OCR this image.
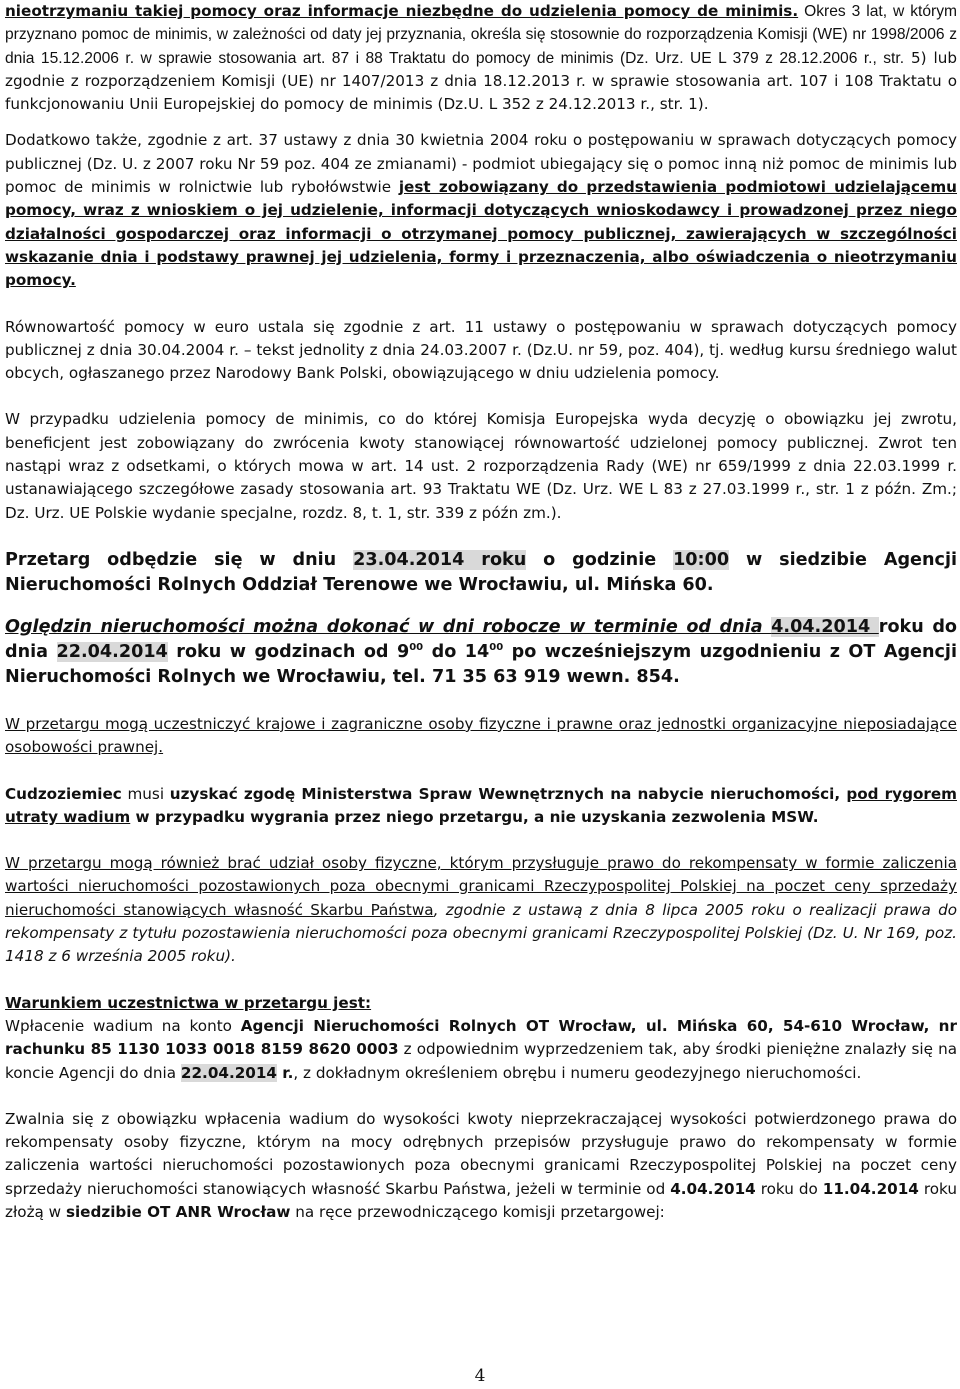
nieotrzymaniu takiej pomocy oraz informacje niezbędne do udzielenia pomocy de minimis. Okres 3 lat, w którym przyznano pomoc de minimis, w zależności od daty jej przyznania, określa się stosownie do rozporządzenia Komisji (WE) nr 1998/2006 z dnia 15.12.2006 r. w sprawie stosowania art. 87 i 88 Traktatu do pomocy de minimis (Dz. Urz. UE L 379 z 28.12.2006 r., str. 5) lub zgodnie z rozporządzeniem Komisji (UE) nr 1407/2013 z dnia 18.12.2013 r. w sprawie stosowania art. 107 i 108 Traktatu o funkcjonowaniu Unii Europejskiej do pomocy de minimis (Dz.U. L 352 z 24.12.2013 r., str. 1).

Dodatkowo także, zgodnie z art. 37 ustawy z dnia 30 kwietnia 2004 roku o postępowaniu w sprawach dotyczących pomocy publicznej (Dz. U. z 2007 roku Nr 59 poz. 404 ze zmianami) - podmiot ubiegający się o pomoc inną niż pomoc de minimis lub pomoc de minimis w rolnictwie lub rybołówstwie jest zobowiązany do przedstawienia podmiotowi udzielającemu pomocy, wraz z wnioskiem o jej udzielenie, informacji dotyczących wnioskodawcy i prowadzonej przez niego działalności gospodarczej oraz informacji o otrzymanej pomocy publicznej, zawierających w szczególności wskazanie dnia i podstawy prawnej jej udzielenia, formy i przeznaczenia, albo oświadczenia o nieotrzymaniu pomocy.

Równowartość pomocy w euro ustala się zgodnie z art. 11 ustawy o postępowaniu w sprawach dotyczących pomocy publicznej z dnia 30.04.2004 r. – tekst jednolity z dnia 24.03.2007 r. (Dz.U. nr 59, poz. 404), tj. według kursu średniego walut obcych, ogłaszanego przez Narodowy Bank Polski, obowiązującego w dniu udzielenia pomocy.

W przypadku udzielenia pomocy de minimis, co do której Komisja Europejska wyda decyzję o obowiązku jej zwrotu, beneficjent jest zobowiązany do zwrócenia kwoty stanowiącej równowartość udzielonej pomocy publicznej. Zwrot ten nastąpi wraz z odsetkami, o których mowa w art. 14 ust. 2 rozporządzenia Rady (WE) nr 659/1999 z dnia 22.03.1999 r. ustanawiającego szczegółowe zasady stosowania art. 93 Traktatu WE (Dz. Urz. WE L 83 z 27.03.1999 r., str. 1 z późn. Zm.; Dz. Urz. UE Polskie wydanie specjalne, rozdz. 8, t. 1, str. 339 z późn zm.).

Przetarg odbędzie się w dniu 23.04.2014 roku o godzinie 10:00 w siedzibie Agencji Nieruchomości Rolnych Oddział Terenowe we Wrocławiu, ul. Mińska 60.

Oględzin nieruchomości można dokonać w dni robocze w terminie od dnia 4.04.2014 roku do dnia 22.04.2014 roku w godzinach od $9^{00}$ do $14^{00}$ po wcześniejszym uzgodnieniu z OT Agencji Nieruchomości Rolnych we Wrocławiu, tel. 71 35 63 919 wewn. 854.

W przetargu mogą uczestniczyć krajowe i zagraniczne osoby fizyczne i prawne oraz jednostki organizacyjne nieposiadające osobowości prawnej.

Cudzoziemiec musi uzyskać zgodę Ministerstwa Spraw Wewnętrznych na nabycie nieruchomości, pod rygorem utraty wadium w przypadku wygrania przez niego przetargu, a nie uzyskania zezwolenia MSW.

W przetargu mogą również brać udział osoby fizyczne, którym przysługuje prawo do rekompensaty w formie zaliczenia wartości nieruchomości pozostawionych poza obecnymi granicami Rzeczypospolitej Polskiej na poczet ceny sprzedaży nieruchomości stanowiących własność Skarbu Państwa, zgodnie z ustawą z dnia 8 lipca 2005 roku o realizacji prawa do rekompensaty z tytułu pozostawienia nieruchomości poza obecnymi granicami Rzeczypospolitej Polskiej (Dz. U. Nr 169, poz. 1418 z 6 września 2005 roku).

Warunkiem uczestnictwa w przetargu jest:

Wpłacenie wadium na konto Agencji Nieruchomości Rolnych OT Wrocław, ul. Mińska 60, 54-610 Wrocław, nr rachunku 85 1130 1033 0018 8159 8620 0003 z odpowiednim wyprzedzeniem tak, aby środki pieniężne znalazły się na koncie Agencji do dnia 22.04.2014 r., z dokładnym określeniem obrębu i numeru geodezyjnego nieruchomości.

Zwalnia się z obowiązku wpłacenia wadium do wysokości kwoty nieprzekraczającej wysokości potwierdzonego prawa do rekompensaty osoby fizyczne, którym na mocy odrębnych przepisów przysługuje prawo do rekompensaty w formie zaliczenia wartości nieruchomości pozostawionych poza obecnymi granicami Rzeczypospolitej Polskiej na poczet ceny sprzedaży nieruchomości stanowiących własność Skarbu Państwa, jeżeli w terminie od 4.04.2014 roku do 11.04.2014 roku złożą w siedzibie OT ANR Wrocław na ręce przewodniczącego komisji przetargowej:

4
